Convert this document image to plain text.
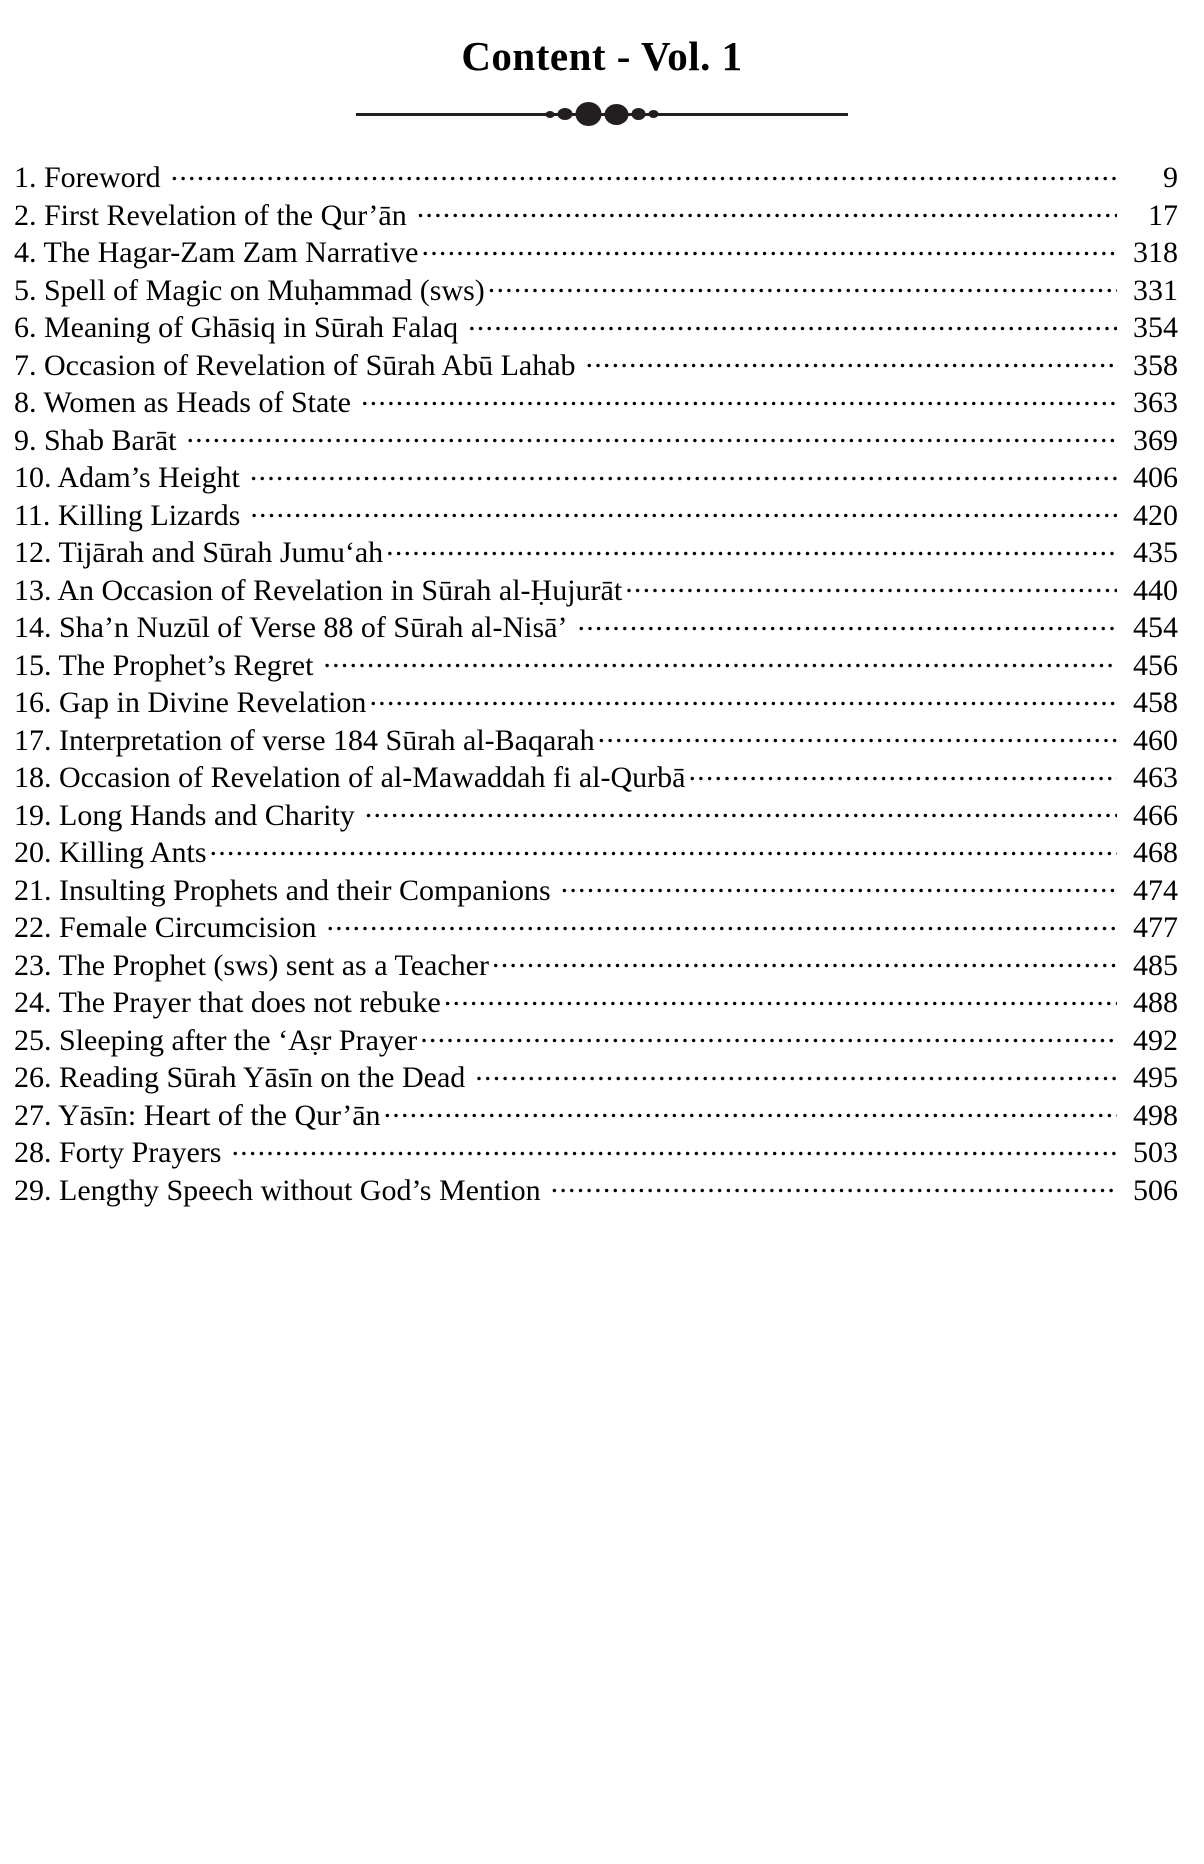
Content - Vol. 1
1. Foreword .....	9
2. First Revelation of the Qur’ān .....	17
4. The Hagar-Zam Zam Narrative .....	318
5. Spell of Magic on Muḥammad (sws) .....	331
6. Meaning of Ghāsiq in Sūrah Falaq .....	354
7. Occasion of Revelation of Sūrah Abū Lahab .....	358
8. Women as Heads of State .....	363
9. Shab Barāt .....	369
10. Adam’s Height .....	406
11. Killing Lizards .....	420
12. Tijārah and Sūrah Jumuʻah .....	435
13. An Occasion of Revelation in Sūrah al-Ḥujurāt .....	440
14. Sha’n Nuzūl of Verse 88 of Sūrah al-Nisā’ .....	454
15. The Prophet’s Regret .....	456
16. Gap in Divine Revelation .....	458
17. Interpretation of verse 184 Sūrah al-Baqarah .....	460
18. Occasion of Revelation of al-Mawaddah fi al-Qurbā .....	463
19. Long Hands and Charity .....	466
20. Killing Ants .....	468
21. Insulting Prophets and their Companions .....	474
22. Female Circumcision .....	477
23. The Prophet (sws) sent as a Teacher .....	485
24. The Prayer that does not rebuke .....	488
25. Sleeping after the ʻAṣr Prayer .....	492
26. Reading Sūrah Yāsīn on the Dead .....	495
27. Yāsīn: Heart of the Qur’ān .....	498
28. Forty Prayers .....	503
29. Lengthy Speech without God’s Mention .....	506
